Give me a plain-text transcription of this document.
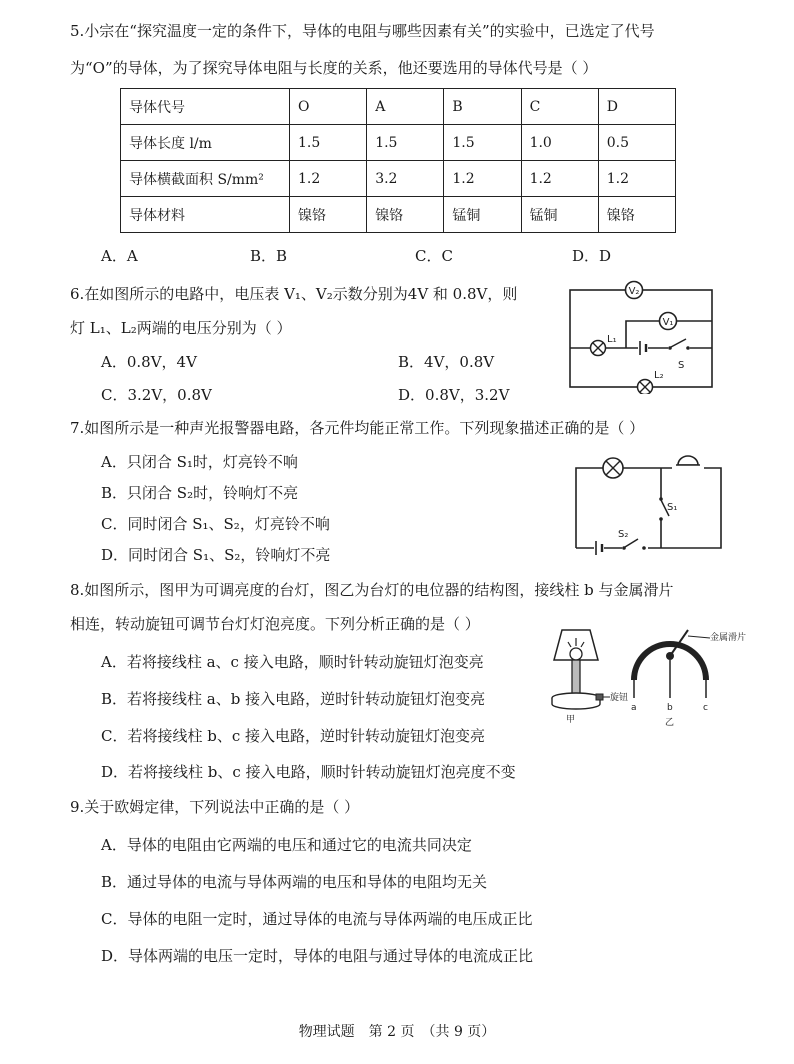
5.小宗在“探究温度一定的条件下，导体的电阻与哪些因素有关”的实验中，已选定了代号
为“O”的导体，为了探究导体电阻与长度的关系，他还要选用的导体代号是（ ）
导体代号	O	A	B	C	D
导体长度 l/m	1.5	1.5	1.5	1.0	0.5
导体横截面积 S/mm²	1.2	3.2	1.2	1.2	1.2
导体材料	镍铬	镍铬	锰铜	锰铜	镍铬
A．A	B．B	C．C	D．D
6.在如图所示的电路中，电压表 V₁、V₂示数分别为4V 和 0.8V，则
灯 L₁、L₂两端的电压分别为（ ）
A．0.8V，4V	B．4V，0.8V
C．3.2V，0.8V	D．0.8V，3.2V
V₂
V₁
L₁
S
L₂
7.如图所示是一种声光报警器电路，各元件均能正常工作。下列现象描述正确的是（ ）
A．只闭合 S₁时，灯亮铃不响
B．只闭合 S₂时，铃响灯不亮
C．同时闭合 S₁、S₂，灯亮铃不响
D．同时闭合 S₁、S₂，铃响灯不亮
S₁
S₂
8.如图所示，图甲为可调亮度的台灯，图乙为台灯的电位器的结构图，接线柱 b 与金属滑片
相连，转动旋钮可调节台灯灯泡亮度。下列分析正确的是（ ）
A．若将接线柱 a、c 接入电路，顺时针转动旋钮灯泡变亮
B．若将接线柱 a、b 接入电路，逆时针转动旋钮灯泡变亮
C．若将接线柱 b、c 接入电路，逆时针转动旋钮灯泡变亮
D．若将接线柱 b、c 接入电路，顺时针转动旋钮灯泡亮度不变
旋钮
甲
金属滑片
a	b	c
乙
9.关于欧姆定律，下列说法中正确的是（ ）
A．导体的电阻由它两端的电压和通过它的电流共同决定
B．通过导体的电流与导体两端的电压和导体的电阻均无关
C．导体的电阻一定时，通过导体的电流与导体两端的电压成正比
D．导体两端的电压一定时，导体的电阻与通过导体的电流成正比
物理试题　第 2 页　（共 9 页）
